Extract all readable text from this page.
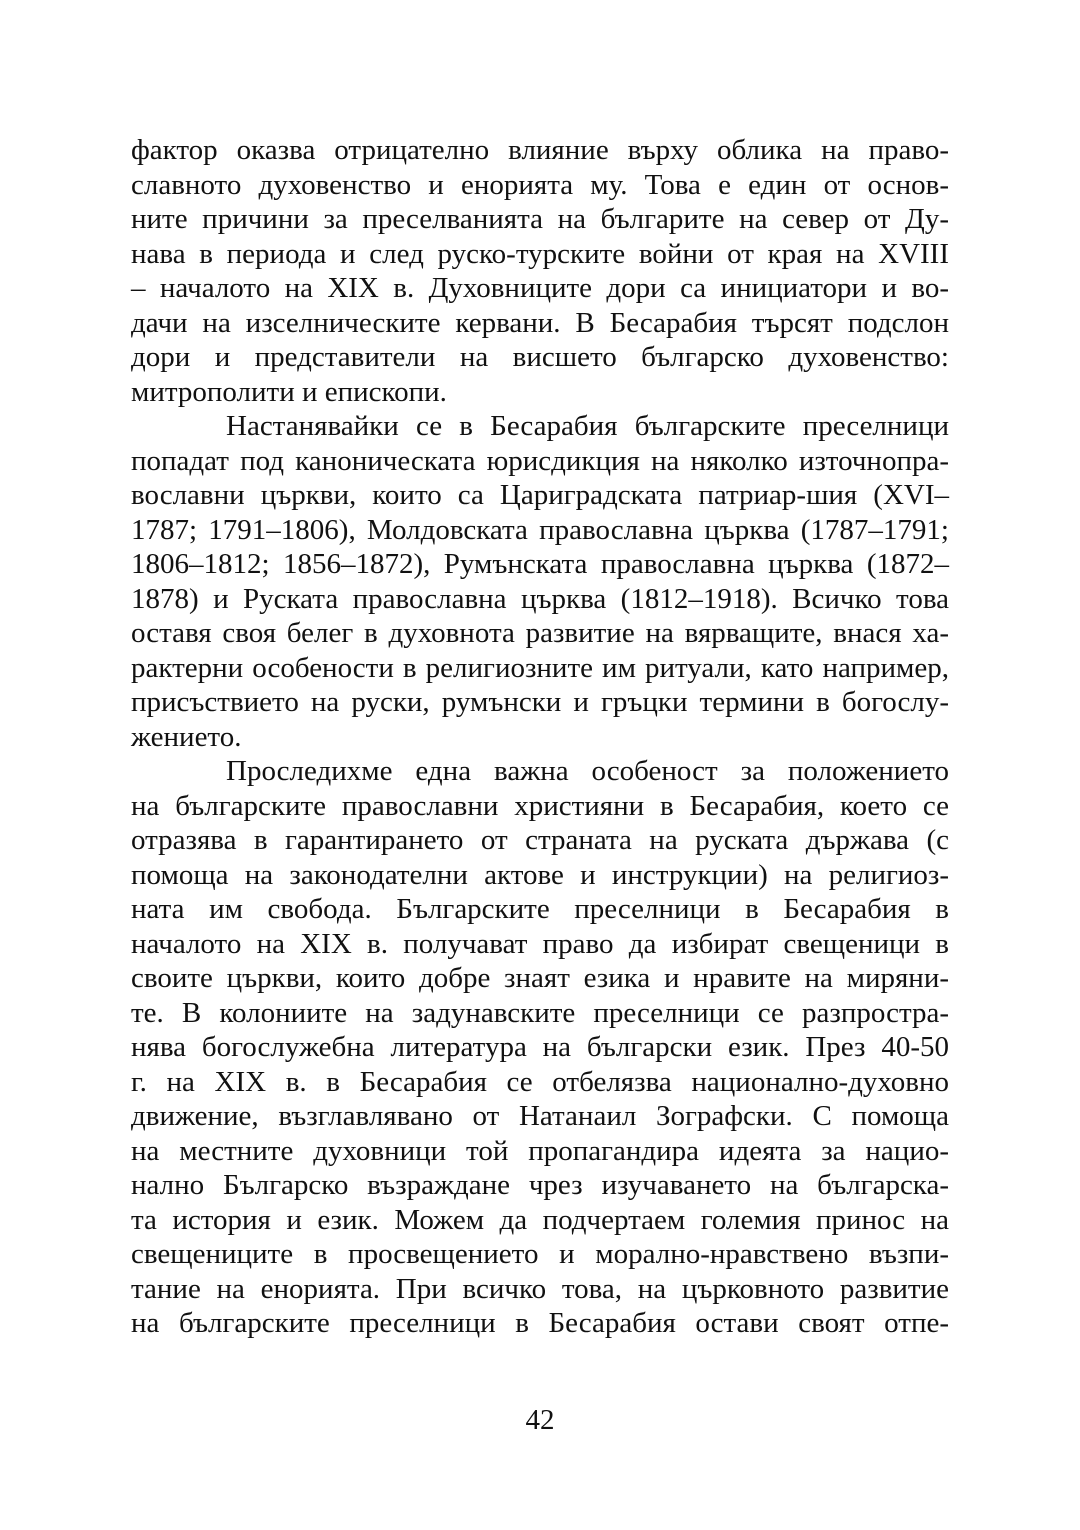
фактор оказва отрицателно влияние върху облика на право-
славното духовенство и енорията му. Това е един от основ-
ните причини за преселванията на българите на север от Ду-
нава в периода и след руско-турските войни от края на XVIII
– началото на XIX в. Духовниците дори са инициатори и во-
дачи на изселническите кервани. В Бесарабия търсят подслон
дори и представители на висшето българско духовенство:
митрополити и епископи.
Настанявайки се в Бесарабия българските преселници
попадат под каноническата юрисдикция на няколко източнопра-
вославни църкви, които са Цариградската патриар-шия (XVI–
1787; 1791–1806), Молдовската православна църква (1787–1791;
1806–1812; 1856–1872), Румънската православна църква (1872–
1878) и Руската православна църква (1812–1918). Всичко това
оставя своя белег в духовнота развитие на вярващите, внася ха-
рактерни особености в религиозните им ритуали, като например,
присъствието на руски, румънски и гръцки термини в богослу-
жението.
Проследихме една важна особеност за положението
на българските православни християни в Бесарабия, което се
отразява в гарантирането от страната на руската държава (с
помоща на законодателни актове и инструкции) на религиоз-
ната им свобода. Българските преселници в Бесарабия в
началото на XIX в. получават право да избират свещеници в
своите църкви, които добре знаят езика и нравите на миряни-
те. В колониите на задунавските преселници се разпростра-
нява богослужебна литература на български език. През 40-50
г. на XIX в. в Бесарабия се отбелязва национално-духовно
движение, възглавлявано от Натанаил Зографски. С помоща
на местните духовници той пропагандира идеята за нацио-
нално Българско възраждане чрез изучаването на българска-
та история и език. Можем да подчертаем големия принос на
свещениците в просвещението и морално-нравствено възпи-
тание на енорията. При всичко това, на църковното развитие
на българските преселници в Бесарабия остави своят отпе-
42
